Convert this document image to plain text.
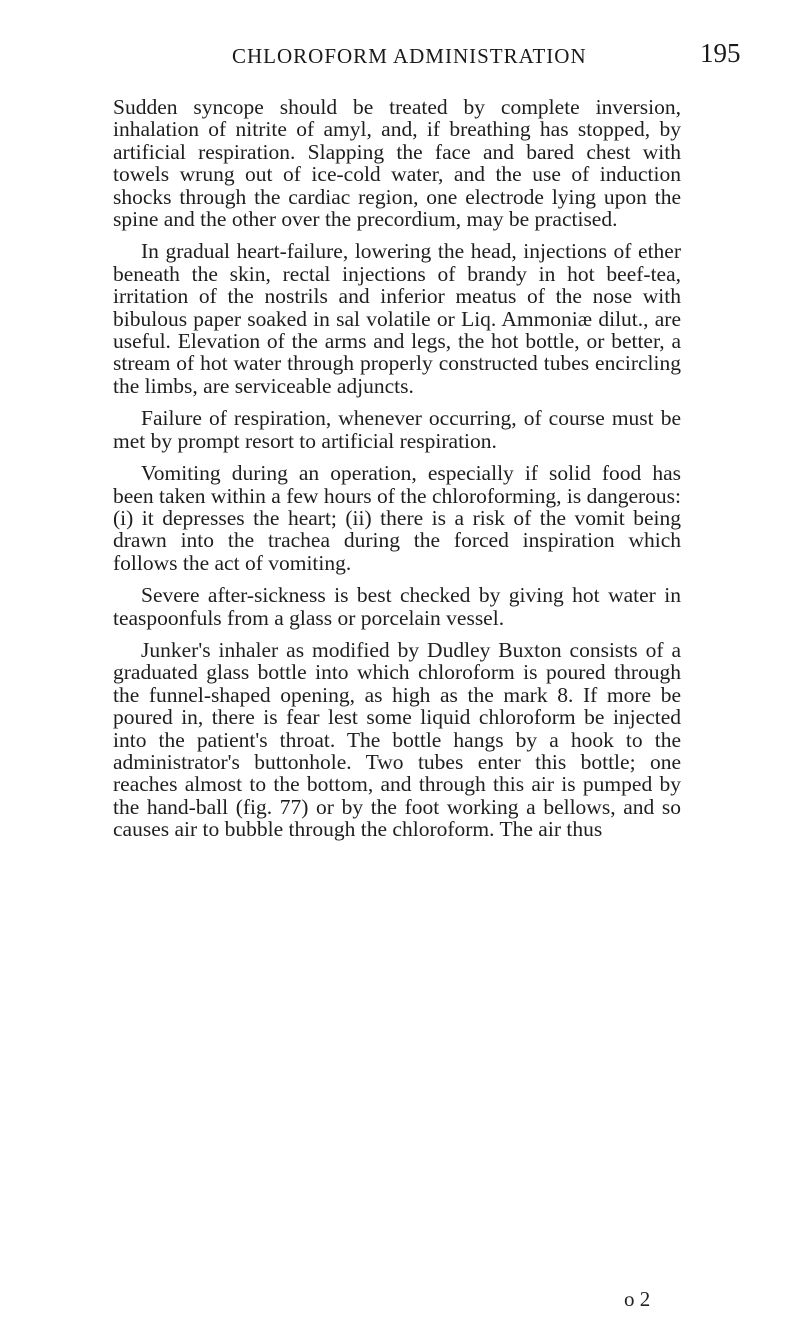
CHLOROFORM ADMINISTRATION	195

Sudden syncope should be treated by complete inversion, inhalation of nitrite of amyl, and, if breathing has stopped, by artificial respiration. Slapping the face and bared chest with towels wrung out of ice-cold water, and the use of induction shocks through the cardiac region, one electrode lying upon the spine and the other over the precordium, may be practised.

In gradual heart-failure, lowering the head, injections of ether beneath the skin, rectal injections of brandy in hot beef-tea, irritation of the nostrils and inferior meatus of the nose with bibulous paper soaked in sal volatile or Liq. Ammoniæ dilut., are useful. Elevation of the arms and legs, the hot bottle, or better, a stream of hot water through properly constructed tubes encircling the limbs, are serviceable adjuncts.

Failure of respiration, whenever occurring, of course must be met by prompt resort to artificial respiration.

Vomiting during an operation, especially if solid food has been taken within a few hours of the chloroforming, is dangerous: (i) it depresses the heart; (ii) there is a risk of the vomit being drawn into the trachea during the forced inspiration which follows the act of vomiting.

Severe after-sickness is best checked by giving hot water in teaspoonfuls from a glass or porcelain vessel.

Junker's inhaler as modified by Dudley Buxton consists of a graduated glass bottle into which chloroform is poured through the funnel-shaped opening, as high as the mark 8. If more be poured in, there is fear lest some liquid chloroform be injected into the patient's throat. The bottle hangs by a hook to the administrator's buttonhole. Two tubes enter this bottle; one reaches almost to the bottom, and through this air is pumped by the hand-ball (fig. 77) or by the foot working a bellows, and so causes air to bubble through the chloroform. The air thus

o 2
